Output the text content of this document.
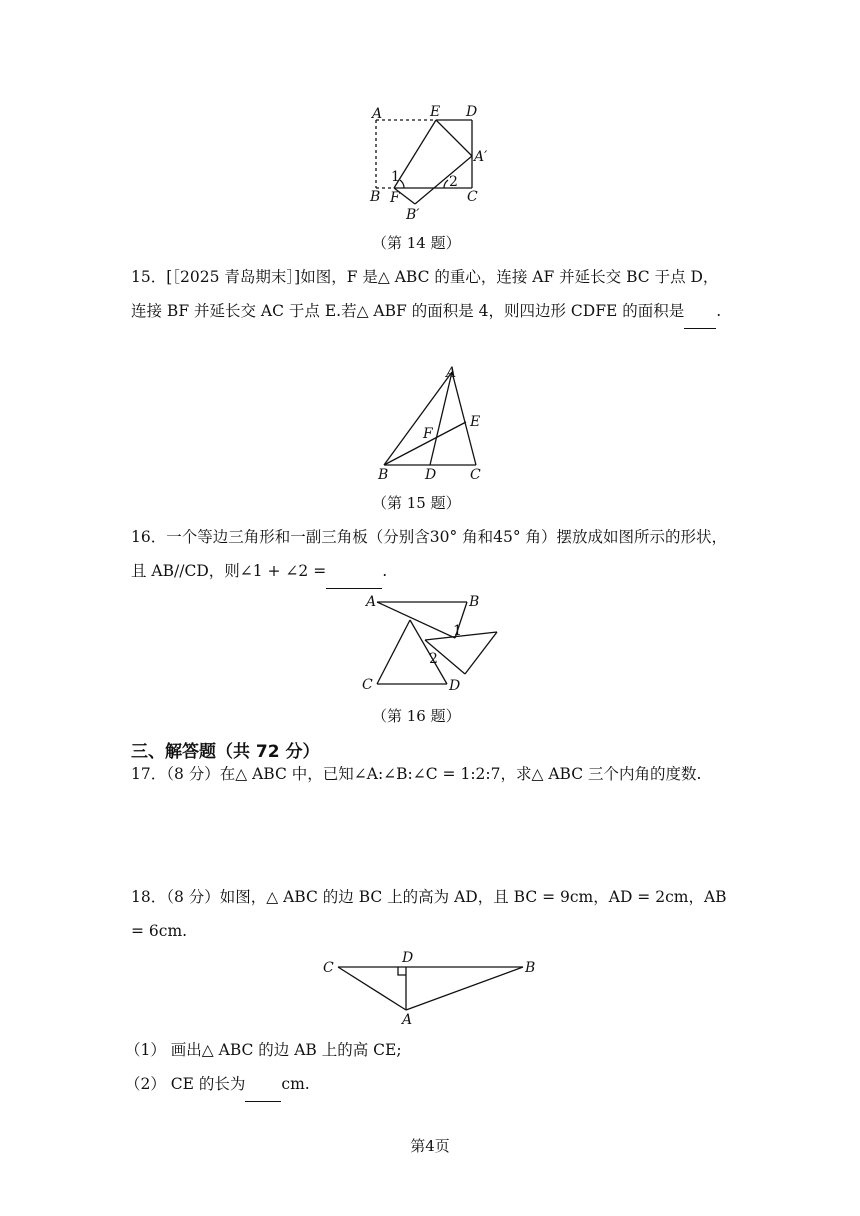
A	E D
A′
B F
B′
C
1	2
（第 14 题）
15．[［2025 青岛期末］]如图，F 是△ ABC 的重心，连接 AF 并延长交 BC 于点 D，连接 BF 并延长交 AC 于点 E.若△ ABF 的面积是 4，则四边形 CDFE 的面积是 .
A
E
F
B	D C
（第 15 题）
16．一个等边三角形和一副三角板（分别含30° 角和45° 角）摆放成如图所示的形状，且 AB//CD，则∠1 + ∠2 =	.
A	B
C	D
1
2
（第 16 题）
三、解答题（共 72 分）
17．（8 分）在△ ABC 中，已知∠A:∠B:∠C = 1:2:7，求△ ABC 三个内角的度数.
18．（8 分）如图，△ ABC 的边 BC 上的高为 AD，且 BC = 9cm，AD = 2cm，AB = 6cm.
C
D
B
A
（1） 画出△ ABC 的边 AB 上的高 CE;
（2） CE 的长为 cm.
第4页
